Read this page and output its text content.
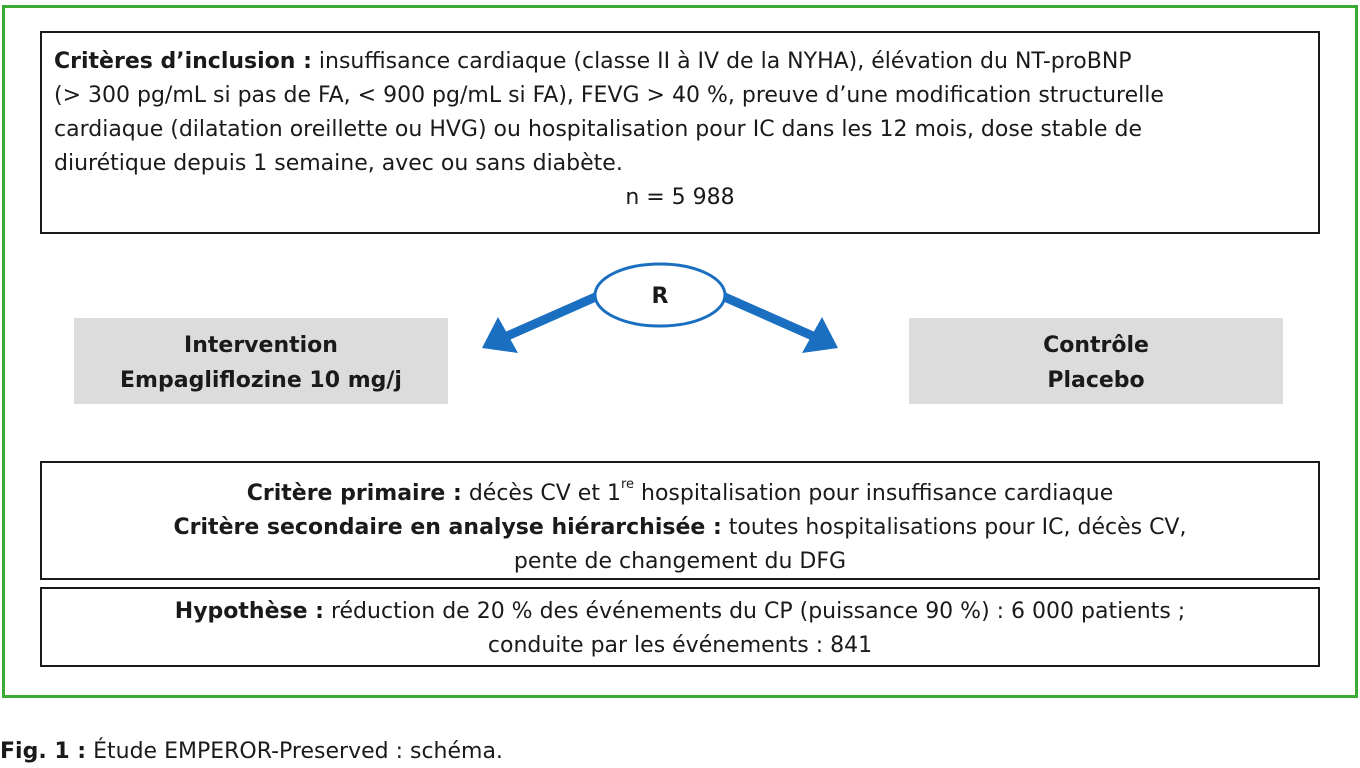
Critères d’inclusion : insuffisance cardiaque (classe II à IV de la NYHA), élévation du NT-proBNP
(> 300 pg/mL si pas de FA, < 900 pg/mL si FA), FEVG > 40 %, preuve d’une modification structurelle
cardiaque (dilatation oreillette ou HVG) ou hospitalisation pour IC dans les 12 mois, dose stable de
diurétique depuis 1 semaine, avec ou sans diabète.
n = 5 988
R
Intervention
Empagliflozine 10 mg/j
Contrôle
Placebo
Critère primaire : décès CV et 1re hospitalisation pour insuffisance cardiaque
Critère secondaire en analyse hiérarchisée : toutes hospitalisations pour IC, décès CV,
pente de changement du DFG
Hypothèse : réduction de 20 % des événements du CP (puissance 90 %) : 6 000 patients ;
conduite par les événements : 841
Fig. 1 : Étude EMPEROR-Preserved : schéma.
